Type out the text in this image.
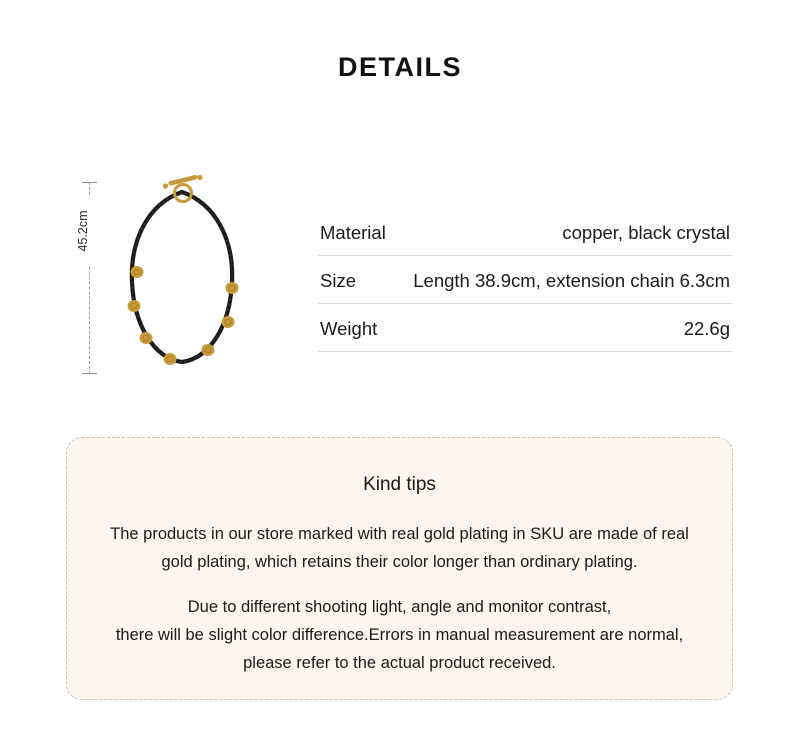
DETAILS
45.2cm	Material	copper, black crystal
Size	Length 38.9cm, extension chain 6.3cm
Weight	22.6g
Kind tips

The products in our store marked with real gold plating in SKU are made of real gold plating, which retains their color longer than ordinary plating.

Due to different shooting light, angle and monitor contrast,

there will be slight color difference.Errors in manual measurement are normal,

please refer to the actual product received.
